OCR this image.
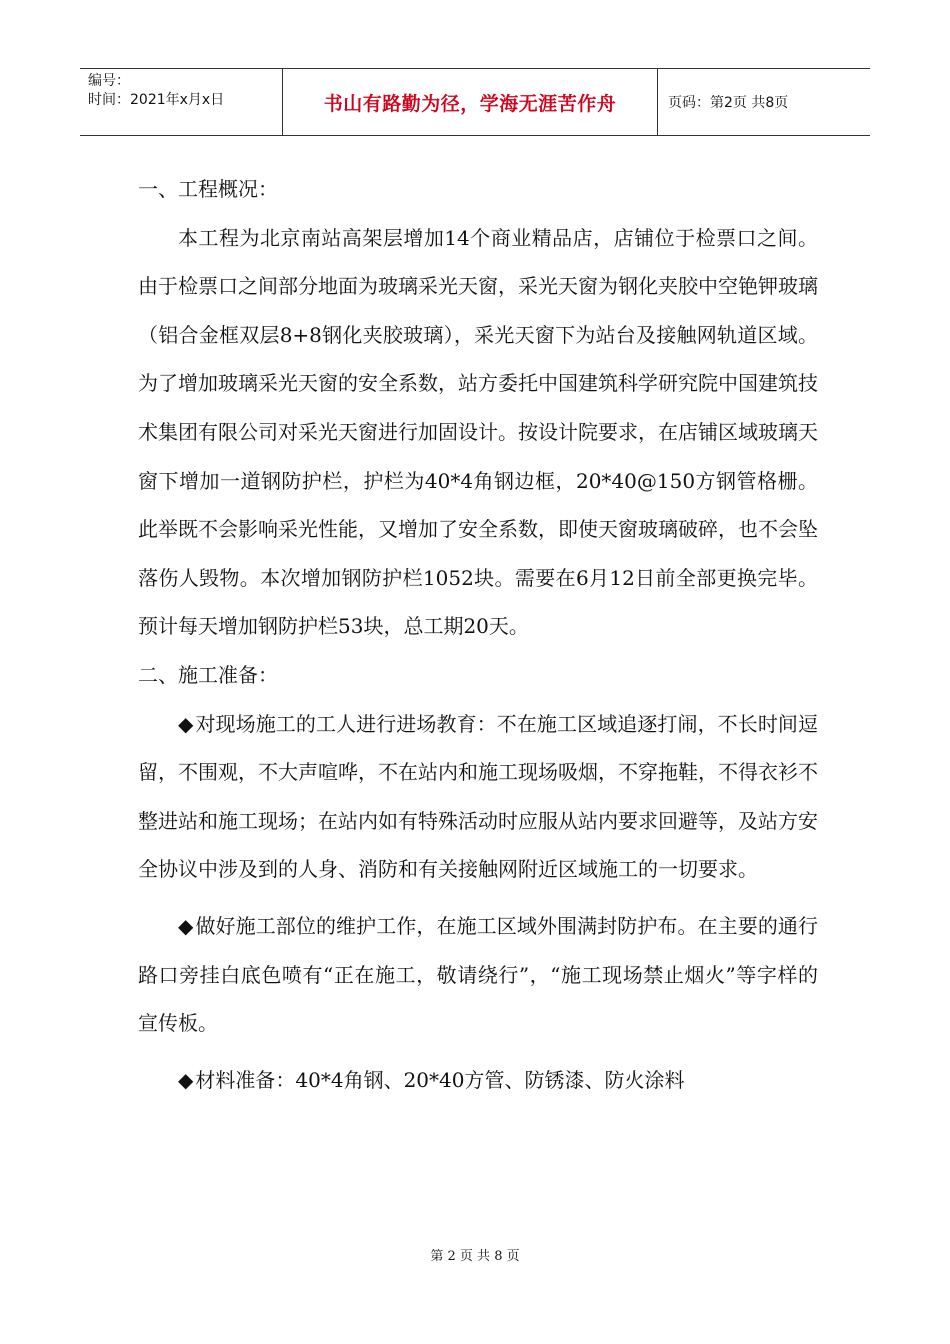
编号：
时间：2021年x月x日	书山有路勤为径，学海无涯苦作舟	页码：第2页 共8页

一、工程概况：

本工程为北京南站高架层增加14个商业精品店，店铺位于检票口之间。由于检票口之间部分地面为玻璃采光天窗，采光天窗为钢化夹胶中空铯钾玻璃（铝合金框双层8+8钢化夹胶玻璃），采光天窗下为站台及接触网轨道区域。为了增加玻璃采光天窗的安全系数，站方委托中国建筑科学研究院中国建筑技术集团有限公司对采光天窗进行加固设计。按设计院要求，在店铺区域玻璃天窗下增加一道钢防护栏，护栏为40*4角钢边框，20*40@150方钢管格栅。此举既不会影响采光性能，又增加了安全系数，即使天窗玻璃破碎，也不会坠落伤人毁物。本次增加钢防护栏1052块。需要在6月12日前全部更换完毕。预计每天增加钢防护栏53块，总工期20天。

二、施工准备：

◆ 对现场施工的工人进行进场教育：不在施工区域追逐打闹，不长时间逗留，不围观，不大声喧哗，不在站内和施工现场吸烟，不穿拖鞋，不得衣衫不整进站和施工现场；在站内如有特殊活动时应服从站内要求回避等，及站方安全协议中涉及到的人身、消防和有关接触网附近区域施工的一切要求。

◆ 做好施工部位的维护工作，在施工区域外围满封防护布。在主要的通行路口旁挂白底色喷有“正在施工，敬请绕行”，“施工现场禁止烟火”等字样的宣传板。

◆ 材料准备：40*4角钢、20*40方管、防锈漆、防火涂料

第 2 页 共 8 页
